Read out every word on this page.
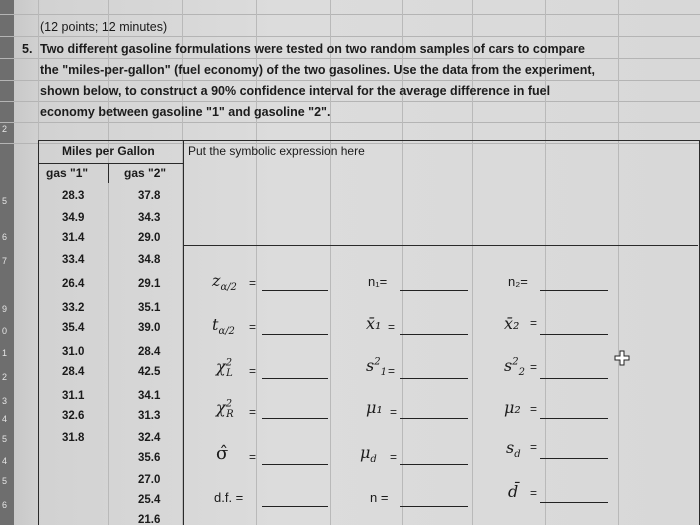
2
5
6
7
9
0
1
2
3
4
5
4
5
6
(12 points; 12 minutes)
5. Two different gasoline formulations were tested on two random samples of cars to compare
the "miles-per-gallon" (fuel economy) of the two gasolines. Use the data from the experiment,
shown below, to construct a 90% confidence interval for the average difference in fuel
economy between gasoline "1" and gasoline "2".
Miles per Gallon	Put the symbolic expression here
gas "1"	gas "2"
28.3
34.9
31.4
33.4
26.4
33.2
35.4
31.0
28.4
31.1
32.6
31.8
37.8
34.3
29.0
34.8
29.1
35.1
39.0
28.4
42.5
34.1
31.3
32.4
35.6
27.0
25.4
21.6
$z_{\alpha/2}$ =
$t_{\alpha/2}$ =
$\chi^2_L$ =
$\chi^2_R$ =
σ̂ =
d.f. =
n₁=
x̄₁ =
$s^2_1$ =
μ₁ =
$\mu_d$ =
n =
n₂=
x̄₂ =
$s^2_2$ =
μ₂ =
$s_d$
=
d̄ =
